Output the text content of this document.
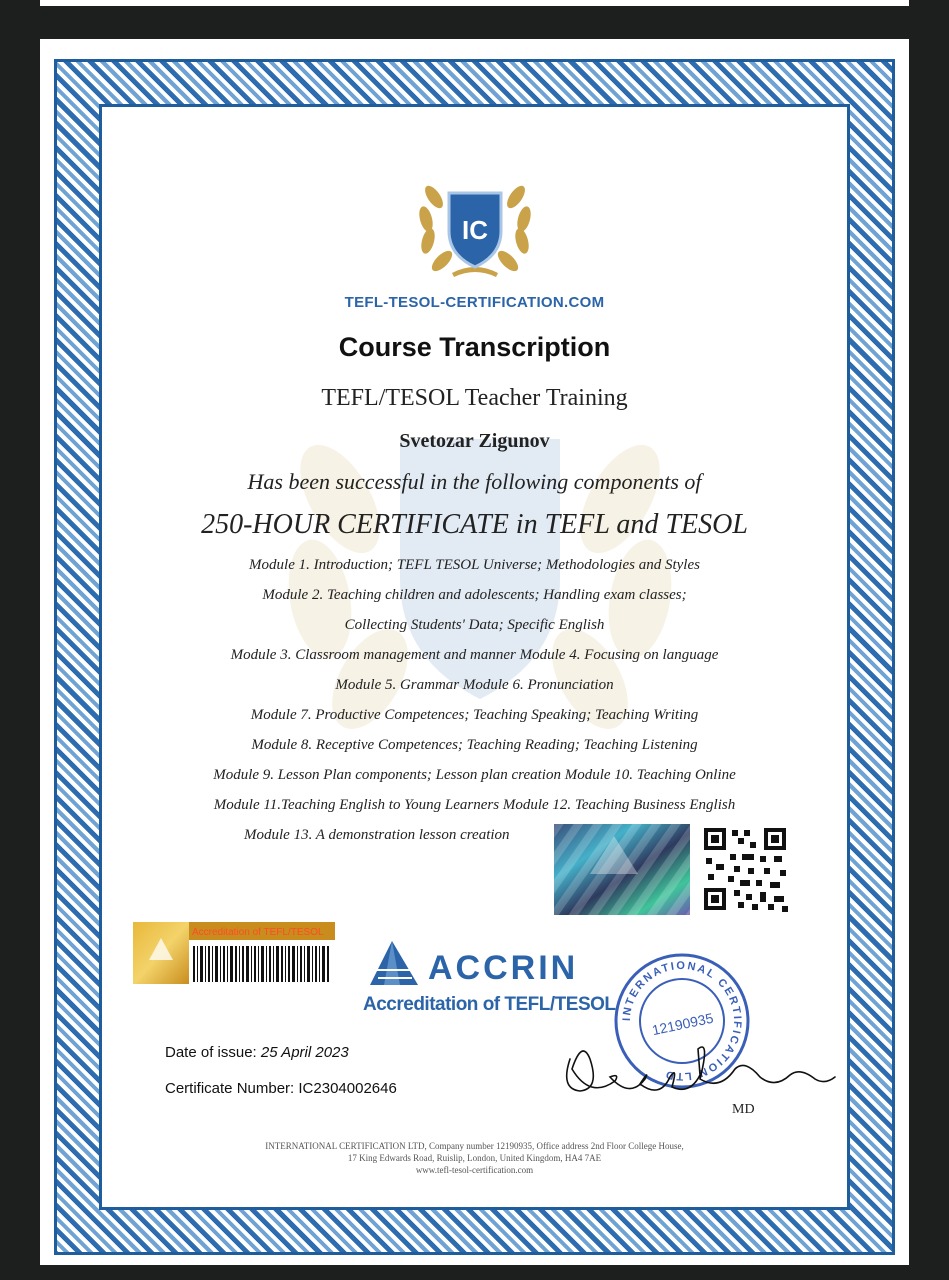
IC
TEFL-TESOL-CERTIFICATION.COM
Course Transcription
TEFL/TESOL Teacher Training
Svetozar Zigunov
Has been successful in the following components of
250-HOUR CERTIFICATE in TEFL and TESOL
Module 1. Introduction; TEFL TESOL Universe; Methodologies and Styles
Module 2. Teaching children and adolescents; Handling exam classes;
Collecting Students' Data; Specific English
Module 3. Classroom management and manner Module 4. Focusing on language
Module 5. Grammar Module 6. Pronunciation
Module 7. Productive Competences; Teaching Speaking; Teaching Writing
Module 8. Receptive Competences; Teaching Reading; Teaching Listening
Module 9. Lesson Plan components; Lesson plan creation Module 10. Teaching Online
Module 11.Teaching English to Young Learners Module 12. Teaching Business English
Module 13. A demonstration lesson creation
Accreditation of TEFL/TESOL
ACCRIN
Accreditation of TEFL/TESOL
Date of issue: 25 April 2023
Certificate Number: IC2304002646
INTERNATIONAL CERTIFICATION LTD
12190935
MD
INTERNATIONAL CERTIFICATION LTD, Company number 12190935, Office address 2nd Floor College House,
17 King Edwards Road, Ruislip, London, United Kingdom, HA4 7AE
www.tefl-tesol-certification.com
